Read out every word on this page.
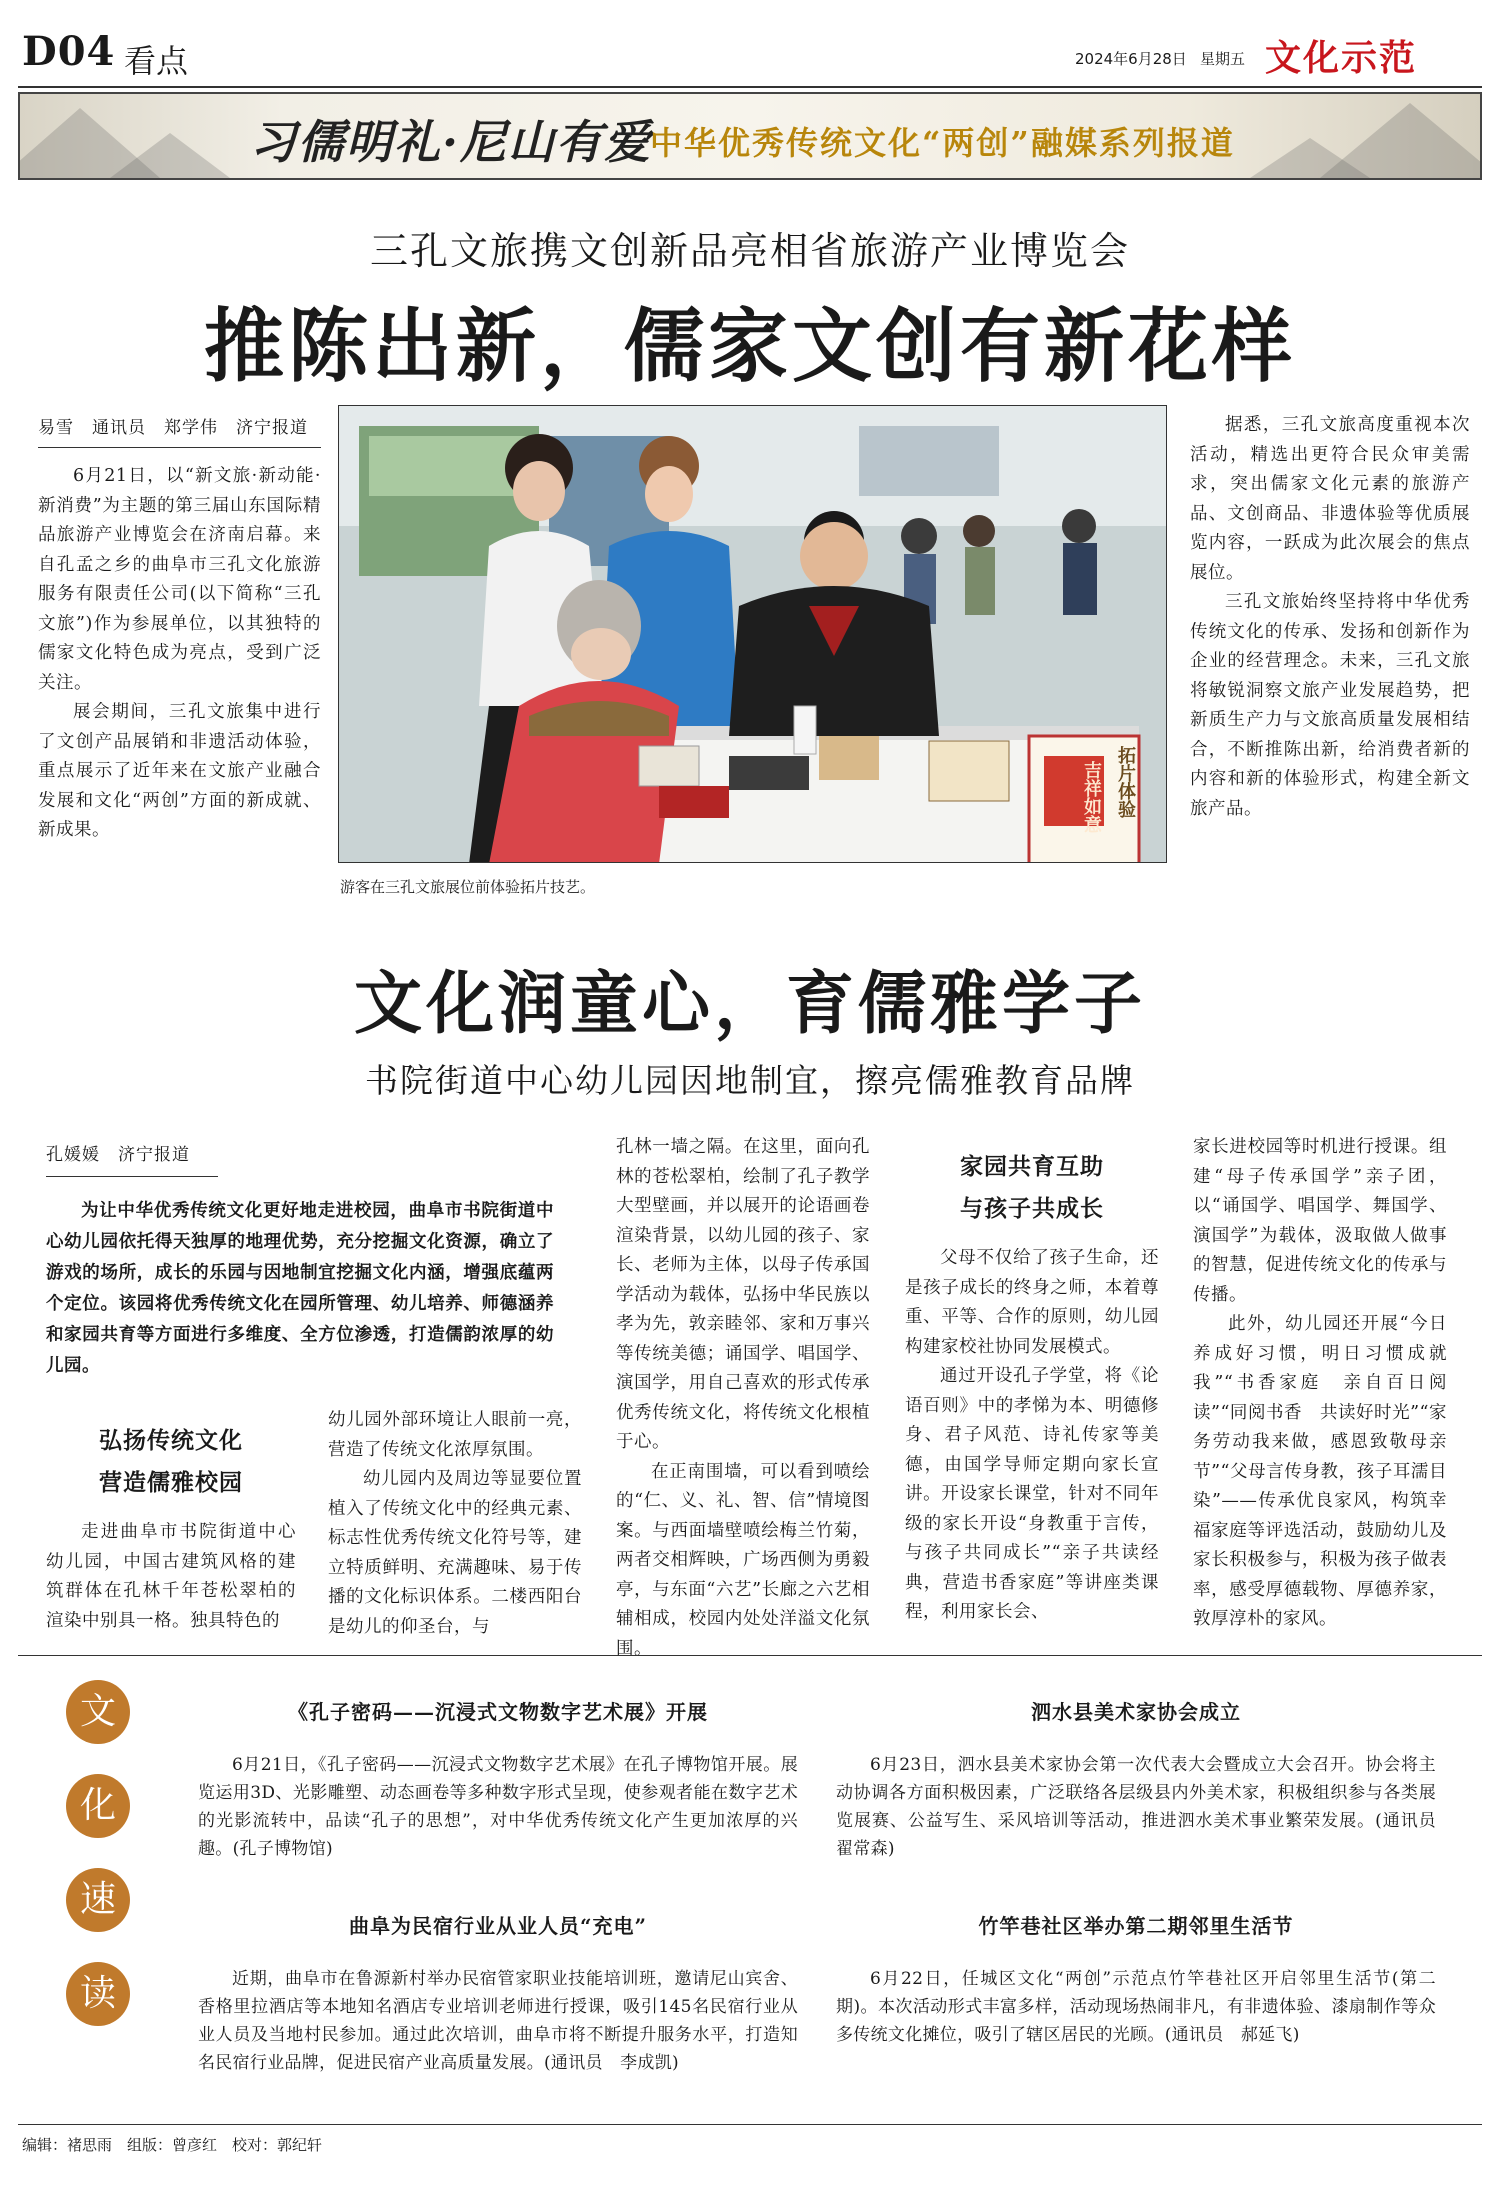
D04 看点	2024年6月28日 星期五 文化示范
习儒明礼·尼山有爱
中华优秀传统文化“两创”融媒系列报道
三孔文旅携文创新品亮相省旅游产业博览会
推陈出新，儒家文创有新花样
易雪　通讯员　郑学伟　济宁报道

6月21日，以“新文旅·新动能·新消费”为主题的第三届山东国际精品旅游产业博览会在济南启幕。来自孔孟之乡的曲阜市三孔文化旅游服务有限责任公司(以下简称“三孔文旅”)作为参展单位，以其独特的儒家文化特色成为亮点，受到广泛关注。

展会期间，三孔文旅集中进行了文创产品展销和非遗活动体验，重点展示了近年来在文旅产业融合发展和文化“两创”方面的新成就、新成果。	吉祥如意 拓片体验
游客在三孔文旅展位前体验拓片技艺。

据悉，三孔文旅高度重视本次活动，精选出更符合民众审美需求，突出儒家文化元素的旅游产品、文创商品、非遗体验等优质展览内容，一跃成为此次展会的焦点展位。

三孔文旅始终坚持将中华优秀传统文化的传承、发扬和创新作为企业的经营理念。未来，三孔文旅将敏锐洞察文旅产业发展趋势，把新质生产力与文旅高质量发展相结合，不断推陈出新，给消费者新的内容和新的体验形式，构建全新文旅产品。

文化润童心，育儒雅学子
书院街道中心幼儿园因地制宜，擦亮儒雅教育品牌
孔媛媛　济宁报道

为让中华优秀传统文化更好地走进校园，曲阜市书院街道中心幼儿园依托得天独厚的地理优势，充分挖掘文化资源，确立了游戏的场所，成长的乐园与因地制宜挖掘文化内涵，增强底蕴两个定位。该园将优秀传统文化在园所管理、幼儿培养、师德涵养和家园共育等方面进行多维度、全方位渗透，打造儒韵浓厚的幼儿园。

弘扬传统文化
营造儒雅校园

走进曲阜市书院街道中心幼儿园，中国古建筑风格的建筑群体在孔林千年苍松翠柏的渲染中别具一格。独具特色的

幼儿园外部环境让人眼前一亮，营造了传统文化浓厚氛围。

幼儿园内及周边等显要位置植入了传统文化中的经典元素、标志性优秀传统文化符号等，建立特质鲜明、充满趣味、易于传播的文化标识体系。二楼西阳台是幼儿的仰圣台，与

孔林一墙之隔。在这里，面向孔林的苍松翠柏，绘制了孔子教学大型壁画，并以展开的论语画卷渲染背景，以幼儿园的孩子、家长、老师为主体，以母子传承国学活动为载体，弘扬中华民族以孝为先，敦亲睦邻、家和万事兴等传统美德；诵国学、唱国学、演国学，用自己喜欢的形式传承优秀传统文化，将传统文化根植于心。

在正南围墙，可以看到喷绘的“仁、义、礼、智、信”情境图案。与西面墙壁喷绘梅兰竹菊，两者交相辉映，广场西侧为勇毅亭，与东面“六艺”长廊之六艺相辅相成，校园内处处洋溢文化氛围。

家园共育互助
与孩子共成长

父母不仅给了孩子生命，还是孩子成长的终身之师，本着尊重、平等、合作的原则，幼儿园构建家校社协同发展模式。

通过开设孔子学堂，将《论语百则》中的孝悌为本、明德修身、君子风范、诗礼传家等美德，由国学导师定期向家长宣讲。开设家长课堂，针对不同年级的家长开设“身教重于言传，与孩子共同成长”“亲子共读经典，营造书香家庭”等讲座类课程，利用家长会、

家长进校园等时机进行授课。组建“母子传承国学”亲子团，以“诵国学、唱国学、舞国学、演国学”为载体，汲取做人做事的智慧，促进传统文化的传承与传播。

此外，幼儿园还开展“今日养成好习惯，明日习惯成就我”“书香家庭　亲自百日阅读”“同阅书香　共读好时光”“家务劳动我来做，感恩致敬母亲节”“父母言传身教，孩子耳濡目染”——传承优良家风，构筑幸福家庭等评选活动，鼓励幼儿及家长积极参与，积极为孩子做表率，感受厚德载物、厚德养家，敦厚淳朴的家风。

文
化
速
读
《孔子密码——沉浸式文物数字艺术展》开展

6月21日，《孔子密码——沉浸式文物数字艺术展》在孔子博物馆开展。展览运用3D、光影雕塑、动态画卷等多种数字形式呈现，使参观者能在数字艺术的光影流转中，品读“孔子的思想”，对中华优秀传统文化产生更加浓厚的兴趣。(孔子博物馆)

泗水县美术家协会成立

6月23日，泗水县美术家协会第一次代表大会暨成立大会召开。协会将主动协调各方面积极因素，广泛联络各层级县内外美术家，积极组织参与各类展览展赛、公益写生、采风培训等活动，推进泗水美术事业繁荣发展。(通讯员　翟常森)

曲阜为民宿行业从业人员“充电”

近期，曲阜市在鲁源新村举办民宿管家职业技能培训班，邀请尼山宾舍、香格里拉酒店等本地知名酒店专业培训老师进行授课，吸引145名民宿行业从业人员及当地村民参加。通过此次培训，曲阜市将不断提升服务水平，打造知名民宿行业品牌，促进民宿产业高质量发展。(通讯员　李成凯)

竹竿巷社区举办第二期邻里生活节

6月22日，任城区文化“两创”示范点竹竿巷社区开启邻里生活节(第二期)。本次活动形式丰富多样，活动现场热闹非凡，有非遗体验、漆扇制作等众多传统文化摊位，吸引了辖区居民的光顾。(通讯员　郝延飞)

编辑：褚思雨　组版：曾彦红　校对：郭纪轩
